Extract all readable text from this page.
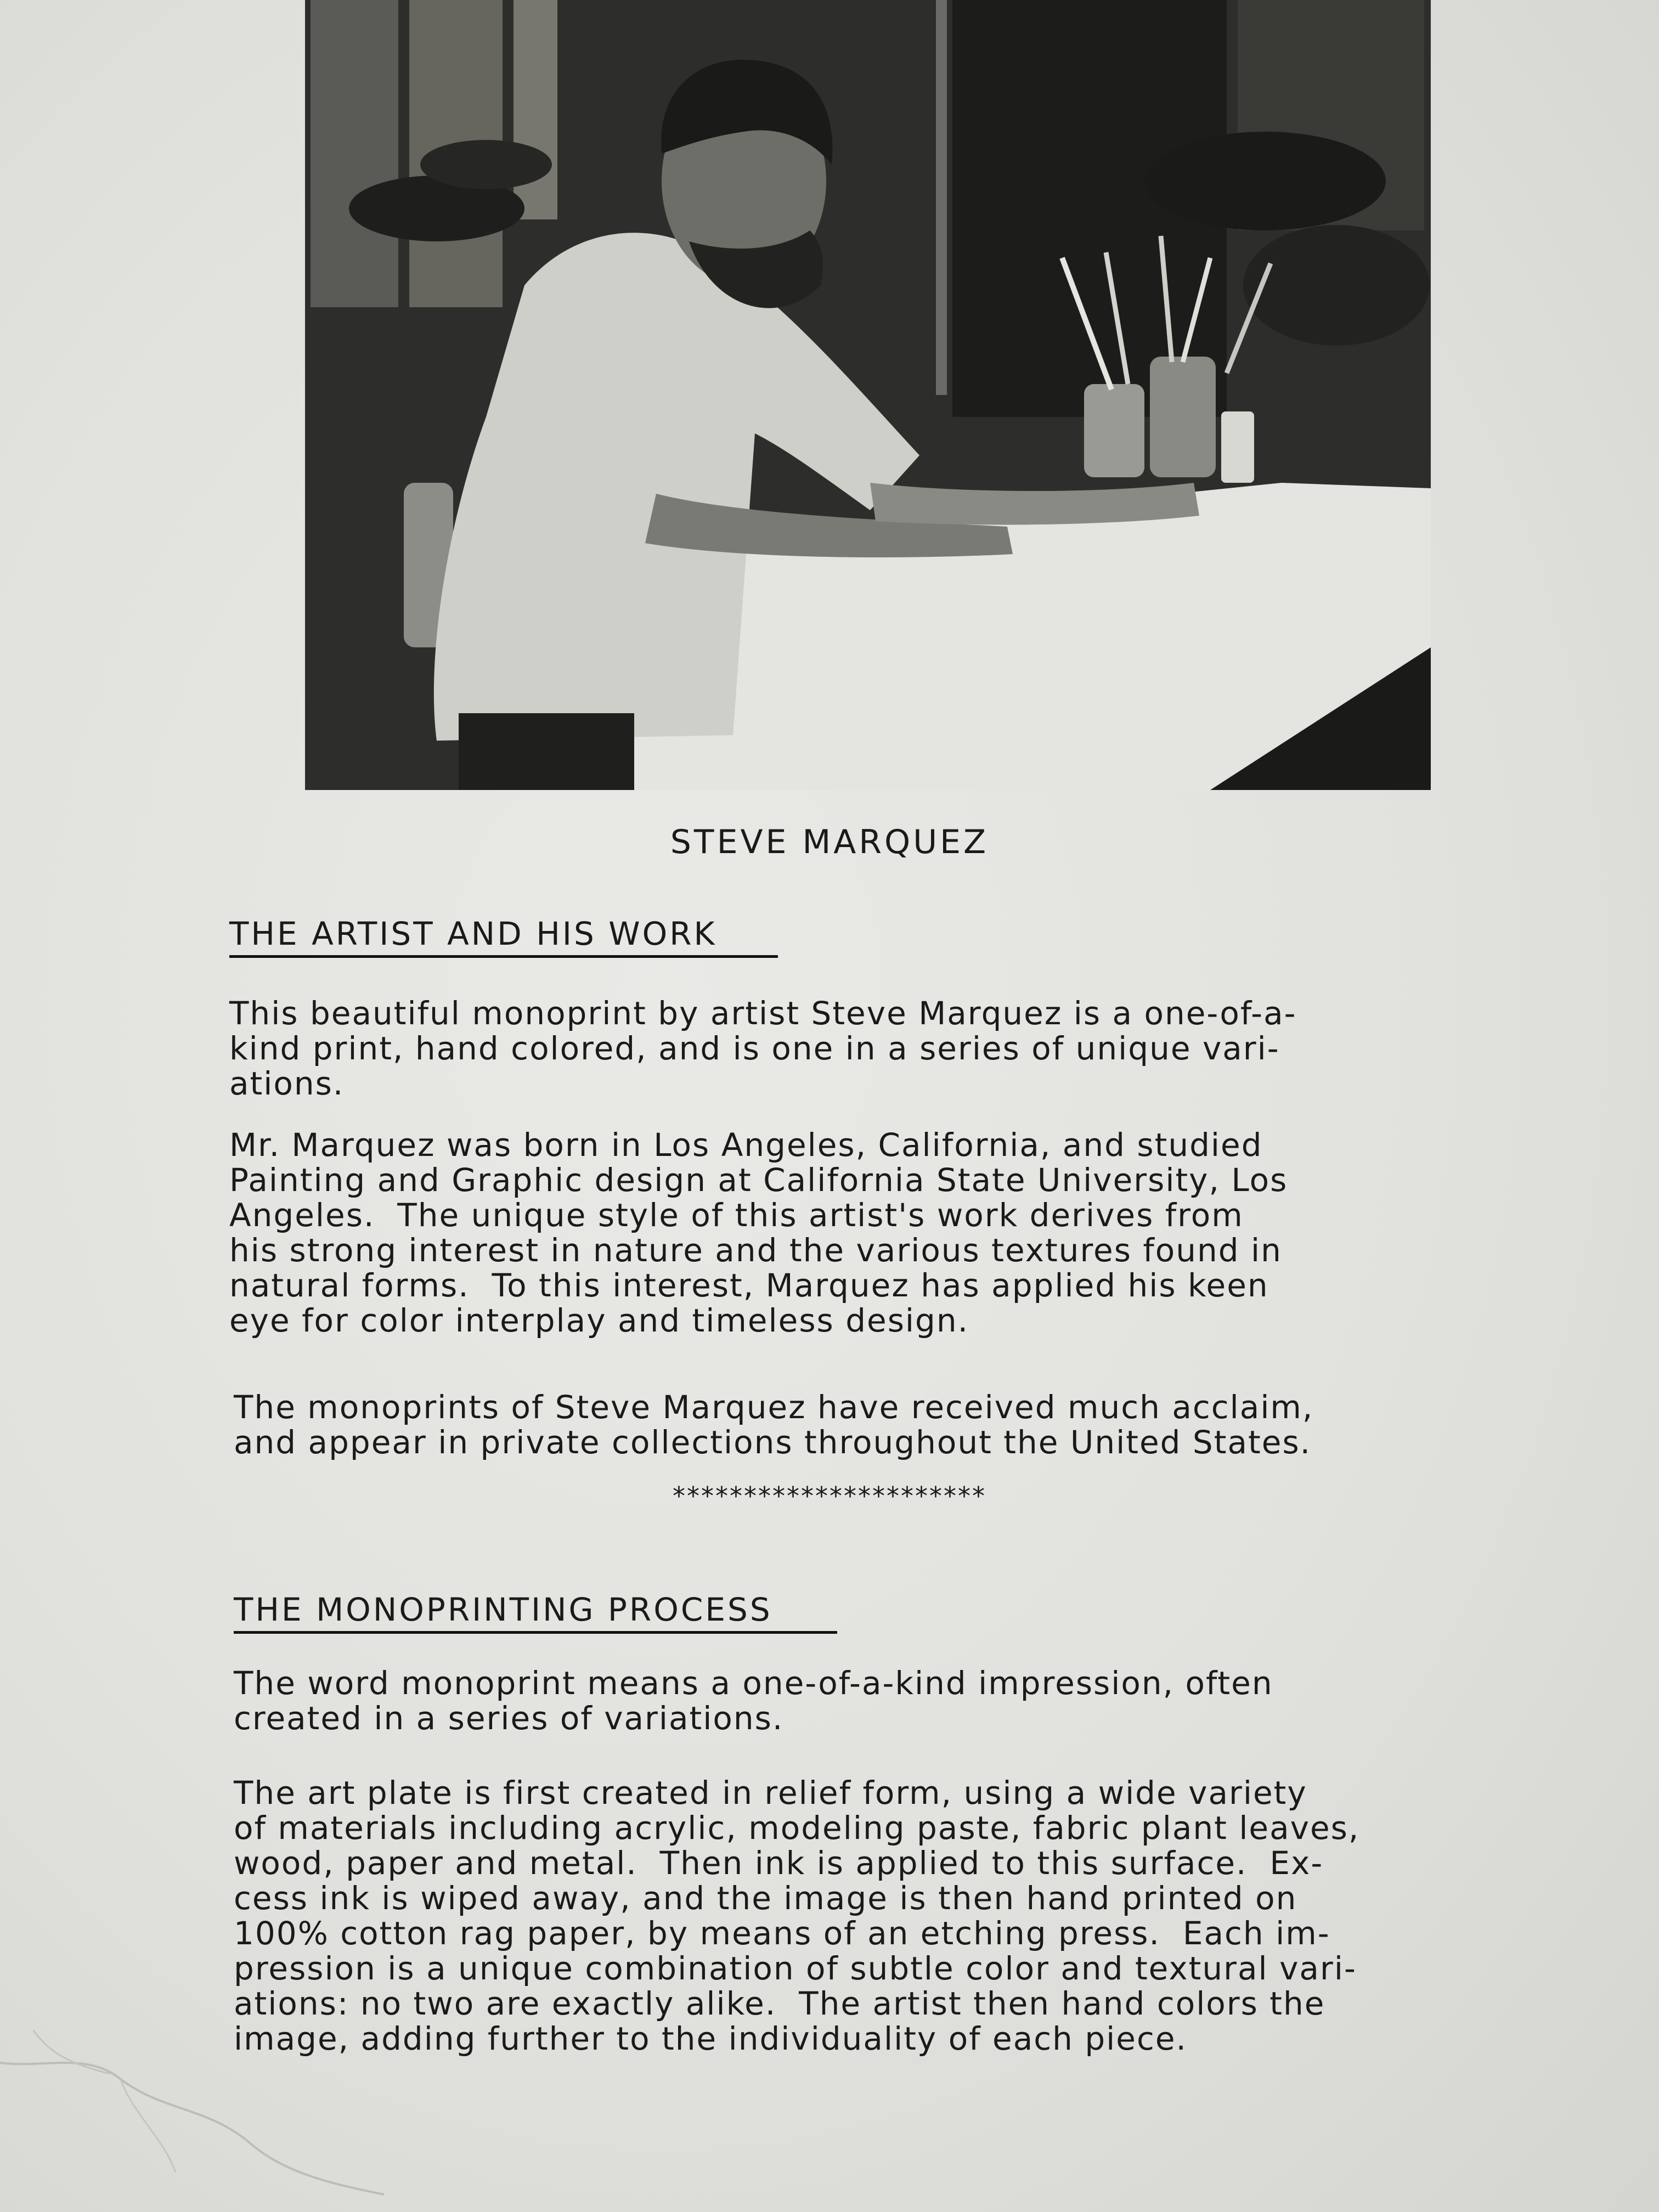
STEVE MARQUEZ
THE ARTIST AND HIS WORK
This beautiful monoprint by artist Steve Marquez is a one-of-a-
kind print, hand colored, and is one in a series of unique vari-
ations.
Mr. Marquez was born in Los Angeles, California, and studied
Painting and Graphic design at California State University, Los
Angeles.  The unique style of this artist's work derives from
his strong interest in nature and the various textures found in
natural forms.  To this interest, Marquez has applied his keen
eye for color interplay and timeless design.
The monoprints of Steve Marquez have received much acclaim,
and appear in private collections throughout the United States.
**********************
THE MONOPRINTING PROCESS
The word monoprint means a one-of-a-kind impression, often
created in a series of variations.
The art plate is first created in relief form, using a wide variety
of materials including acrylic, modeling paste, fabric plant leaves,
wood, paper and metal.  Then ink is applied to this surface.  Ex-
cess ink is wiped away, and the image is then hand printed on
100% cotton rag paper, by means of an etching press.  Each im-
pression is a unique combination of subtle color and textural vari-
ations: no two are exactly alike.  The artist then hand colors the
image, adding further to the individuality of each piece.
